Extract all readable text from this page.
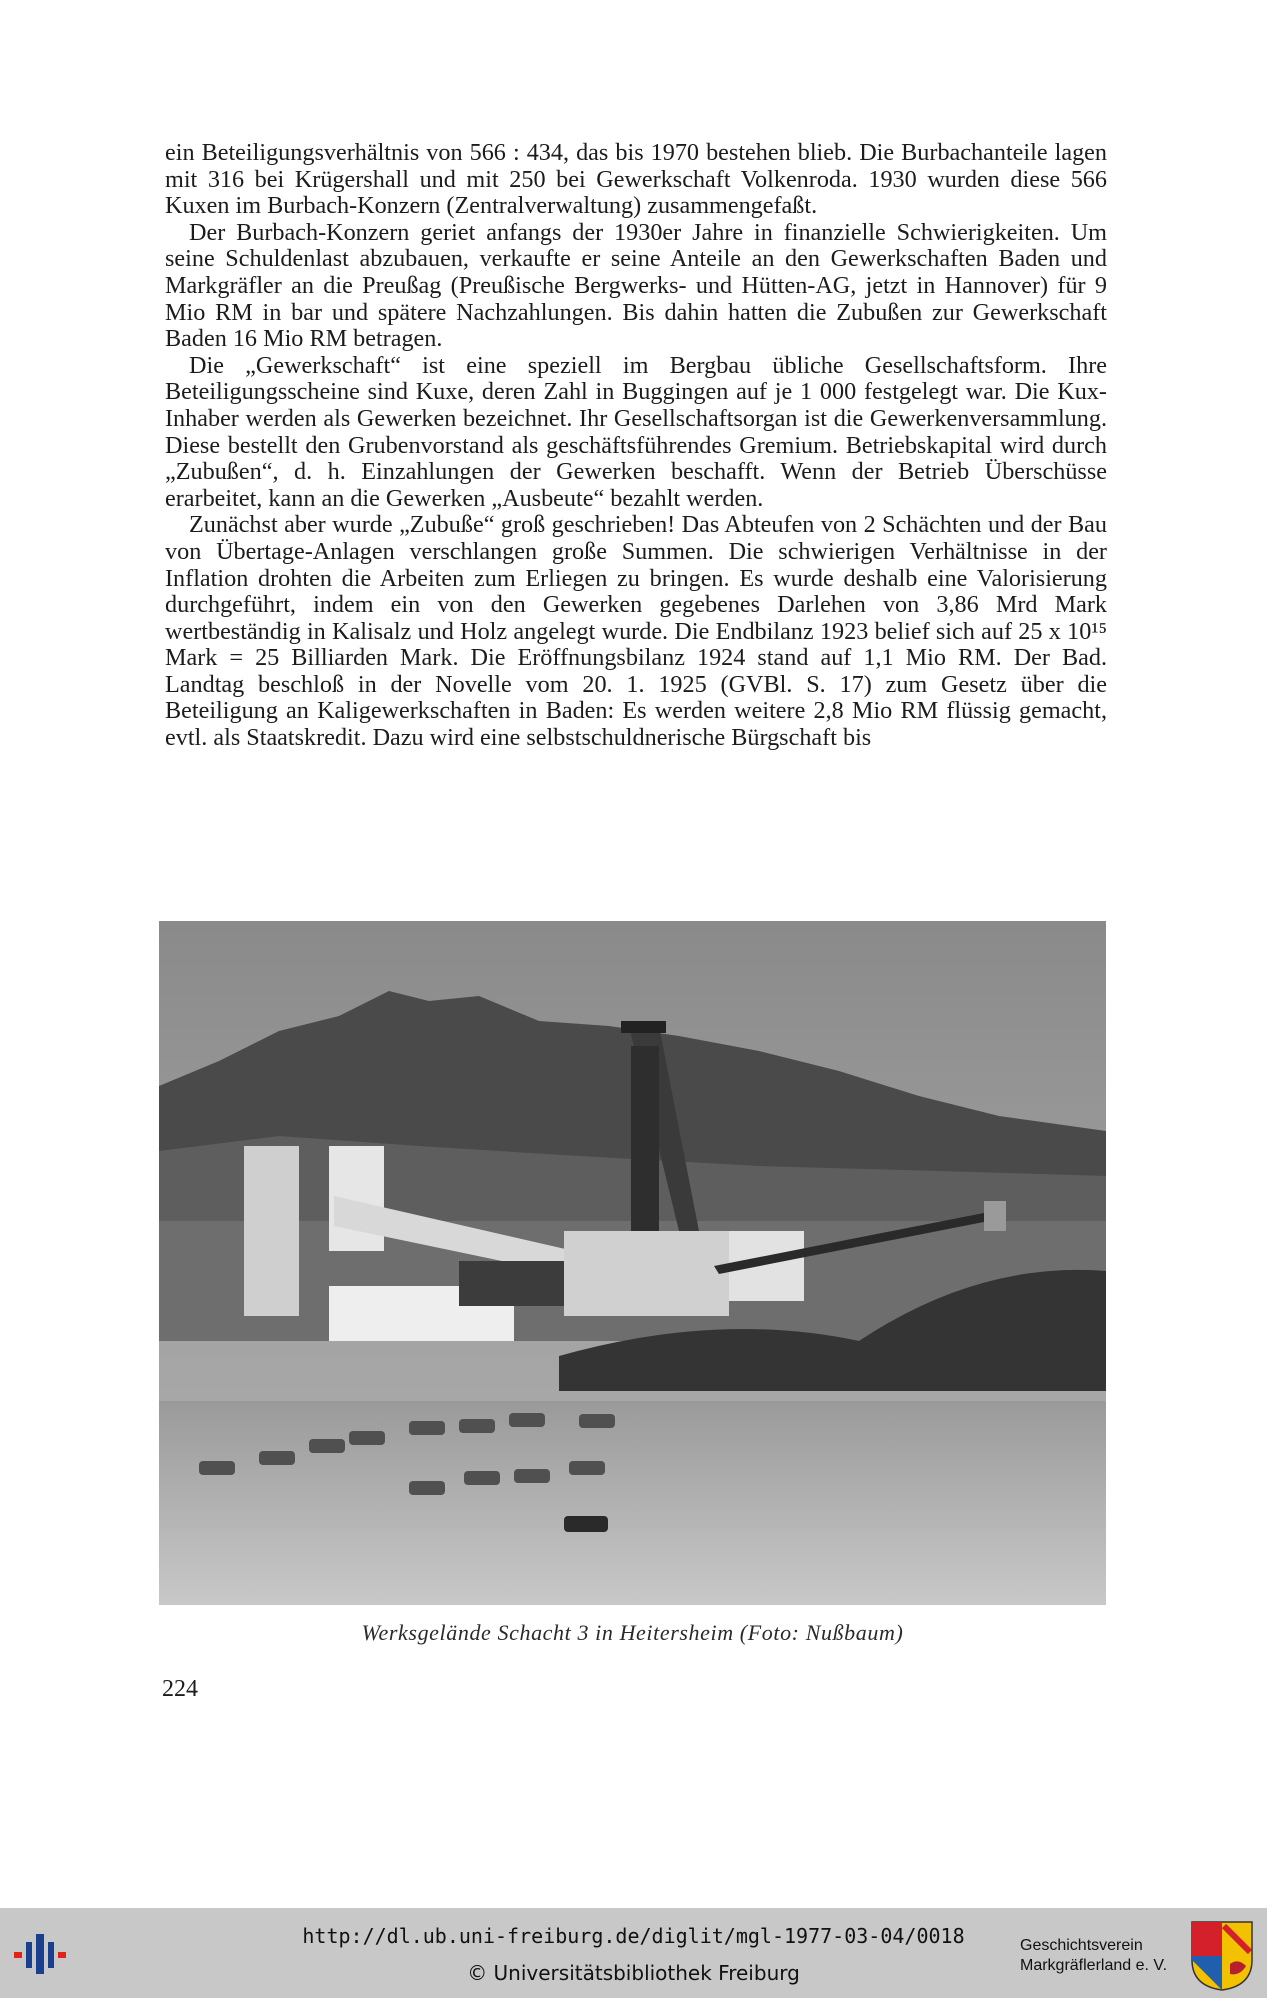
ein Beteiligungsverhältnis von 566 : 434, das bis 1970 bestehen blieb. Die Burbachanteile lagen mit 316 bei Krügershall und mit 250 bei Gewerkschaft Volkenroda. 1930 wurden diese 566 Kuxen im Burbach-Konzern (Zentralverwaltung) zusammengefaßt.

Der Burbach-Konzern geriet anfangs der 1930er Jahre in finanzielle Schwierigkeiten. Um seine Schuldenlast abzubauen, verkaufte er seine Anteile an den Gewerkschaften Baden und Markgräfler an die Preußag (Preußische Bergwerks- und Hütten-AG, jetzt in Hannover) für 9 Mio RM in bar und spätere Nachzahlungen. Bis dahin hatten die Zubußen zur Gewerkschaft Baden 16 Mio RM betragen.

Die „Gewerkschaft“ ist eine speziell im Bergbau übliche Gesellschaftsform. Ihre Beteiligungsscheine sind Kuxe, deren Zahl in Buggingen auf je 1 000 festgelegt war. Die Kux-Inhaber werden als Gewerken bezeichnet. Ihr Gesellschaftsorgan ist die Gewerkenversammlung. Diese bestellt den Grubenvorstand als geschäftsführendes Gremium. Betriebskapital wird durch „Zubußen“, d. h. Einzahlungen der Gewerken beschafft. Wenn der Betrieb Überschüsse erarbeitet, kann an die Gewerken „Ausbeute“ bezahlt werden.

Zunächst aber wurde „Zubuße“ groß geschrieben! Das Abteufen von 2 Schächten und der Bau von Übertage-Anlagen verschlangen große Summen. Die schwierigen Verhältnisse in der Inflation drohten die Arbeiten zum Erliegen zu bringen. Es wurde deshalb eine Valorisierung durchgeführt, indem ein von den Gewerken gegebenes Darlehen von 3,86 Mrd Mark wertbeständig in Kalisalz und Holz angelegt wurde. Die Endbilanz 1923 belief sich auf 25 x 10¹⁵ Mark = 25 Billiarden Mark. Die Eröffnungsbilanz 1924 stand auf 1,1 Mio RM. Der Bad. Landtag beschloß in der Novelle vom 20. 1. 1925 (GVBl. S. 17) zum Gesetz über die Beteiligung an Kaligewerkschaften in Baden: Es werden weitere 2,8 Mio RM flüssig gemacht, evtl. als Staatskredit. Dazu wird eine selbstschuldnerische Bürgschaft bis

Werksgelände Schacht 3 in Heitersheim (Foto: Nußbaum)
224
http://dl.ub.uni-freiburg.de/diglit/mgl-1977-03-04/0018
© Universitätsbibliothek Freiburg
Geschichtsverein
Markgräflerland e. V.
